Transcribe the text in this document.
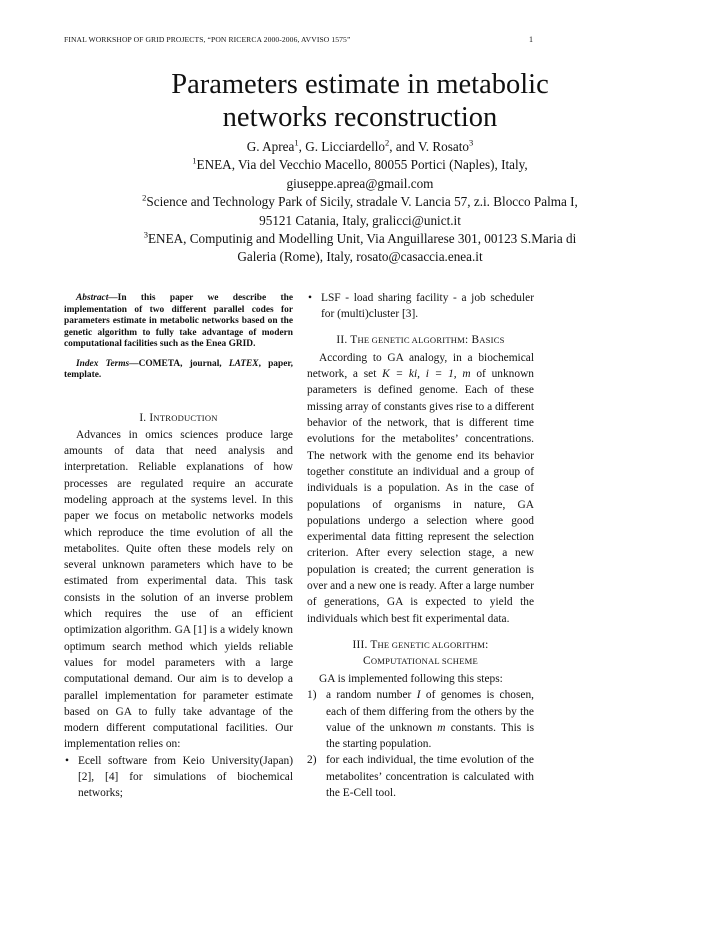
FINAL WORKSHOP OF GRID PROJECTS, “PON RICERCA 2000-2006, AVVISO 1575”	1
Parameters estimate in metabolic
networks reconstruction
G. Aprea$^1$, G. Licciardello$^2$, and V. Rosato$^3$
$^1$ENEA, Via del Vecchio Macello, 80055 Portici (Naples), Italy,
giuseppe.aprea@gmail.com
$^2$Science and Technology Park of Sicily, stradale V. Lancia 57, z.i. Blocco Palma I,
95121 Catania, Italy, gralicci@unict.it
$^3$ENEA, Computinig and Modelling Unit, Via Anguillarese 301, 00123 S.Maria di
Galeria (Rome), Italy, rosato@casaccia.enea.it

Abstract—In this paper we describe the implementation of two different parallel codes for parameters estimate in metabolic networks based on the genetic algorithm to fully take advantage of modern computational facilities such as the Enea GRID.

Index Terms—COMETA, journal, LATEX, paper, template.

I. INTRODUCTION

Advances in omics sciences produce large amounts of data that need analysis and interpretation. Reliable explanations of how processes are regulated require an accurate modeling approach at the systems level. In this paper we focus on metabolic networks models which reproduce the time evolution of all the metabolites. Quite often these models rely on several unknown parameters which have to be estimated from experimental data. This task consists in the solution of an inverse problem which requires the use of an efficient optimization algorithm. GA [1] is a widely known optimum search method which yields reliable values for model parameters with a large computational demand. Our aim is to develop a parallel implementation for parameter estimate based on GA to fully take advantage of the modern different computational facilities. Our implementation relies on:

• Ecell software from Keio University(Japan) [2], [4] for simulations of biochemical networks;
• LSF - load sharing facility - a job scheduler for (multi)cluster [3].
II. THE GENETIC ALGORITHM: BASICS

According to GA analogy, in a biochemical network, a set K = ki, i = 1, m of unknown parameters is defined genome. Each of these missing array of constants gives rise to a different behavior of the network, that is different time evolutions for the metabolites’ concentrations. The network with the genome end its behavior together constitute an individual and a group of individuals is a population. As in the case of populations of organisms in nature, GA populations undergo a selection where good experimental data fitting represent the selection criterion. After every selection stage, a new population is created; the current generation is over and a new one is ready. After a large number of generations, GA is expected to yield the individuals which best fit experimental data.

III. THE GENETIC ALGORITHM:
COMPUTATIONAL SCHEME

GA is implemented following this steps:

1) a random number I of genomes is chosen, each of them differing from the others by the value of the unknown m constants. This is the starting population.
2) for each individual, the time evolution of the metabolites’ concentration is calculated with the E-Cell tool.
